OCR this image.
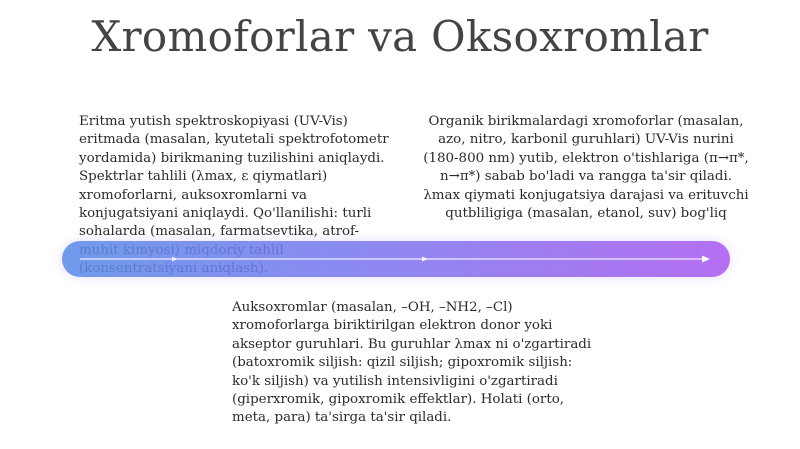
Xromoforlar va Oksoxromlar

Eritma yutish spektroskopiyasi (UV-Vis) eritmada (masalan, kyutetali spektrofotometr yordamida) birikmaning tuzilishini aniqlaydi. Spektrlar tahlili (λmax, ε qiymatlari) xromoforlarni, auksoxromlarni va konjugatsiyani aniqlaydi. Qo'llanilishi: turli sohalarda (masalan, farmatsevtika, atrof-

Organik birikmalardagi xromoforlar (masalan, azo, nitro, karbonil guruhlari) UV-Vis nurini (180-800 nm) yutib, elektron o'tishlariga (π→π*, n→π*) sabab bo'ladi va rangga ta'sir qiladi. λmax qiymati konjugatsiya darajasi va erituvchi qutbliligiga (masalan, etanol, suv) bog'liq

Auksoxromlar (masalan, –OH, –NH2, –Cl) xromoforlarga biriktirilgan elektron donor yoki akseptor guruhlari. Bu guruhlar λmax ni o'zgartiradi (batoxromik siljish: qizil siljish; gipoxromik siljish: ko'k siljish) va yutilish intensivligini o'zgartiradi (giperxromik, gipoxromik effektlar). Holati (orto, meta, para) ta'sirga ta'sir qiladi.
